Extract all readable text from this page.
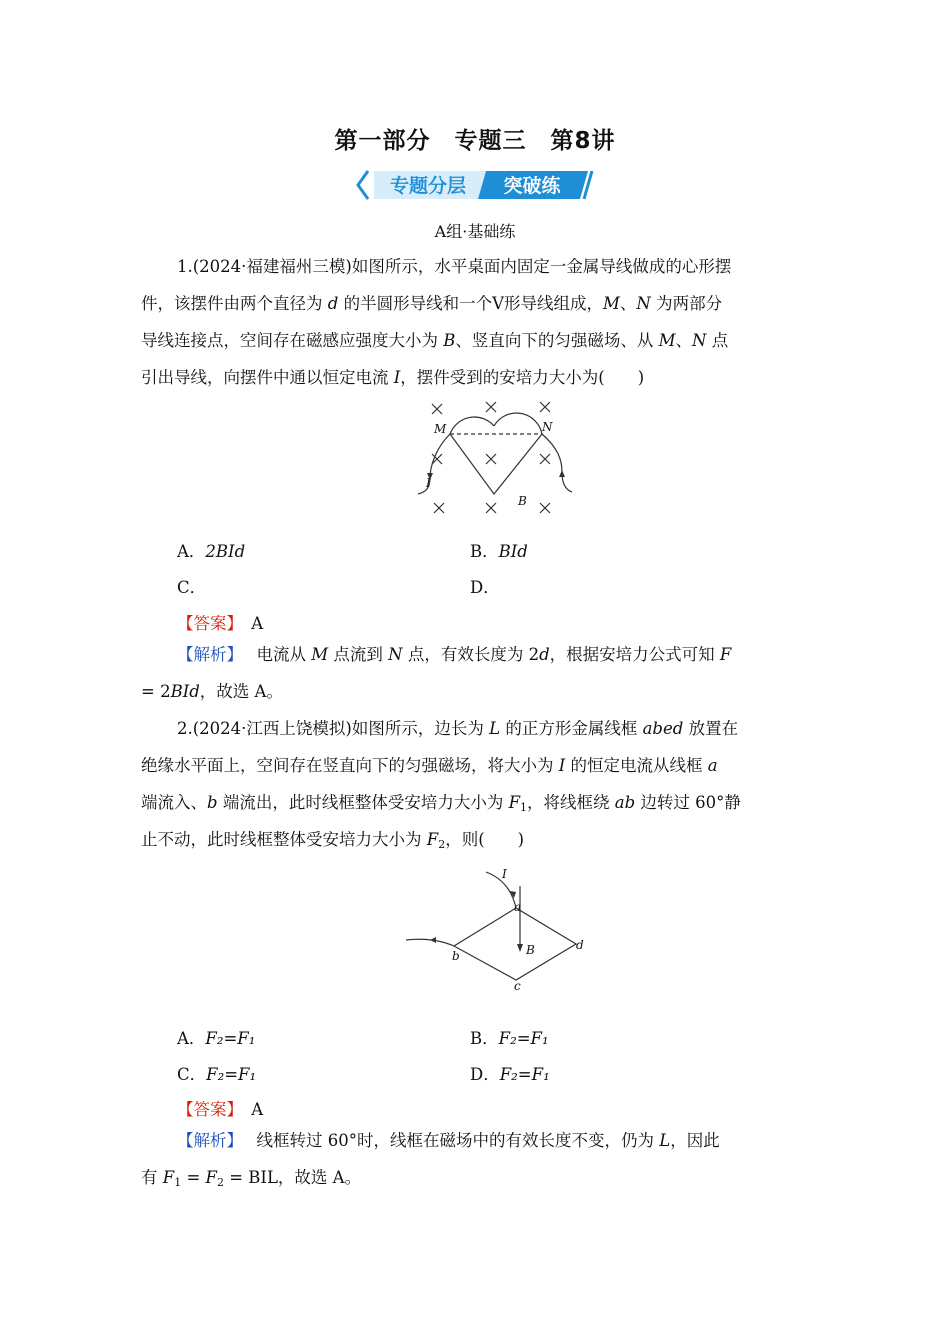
第一部分　专题三　第8讲
专题分层 突破练
A组·基础练
1.(2024·福建福州三模)如图所示，水平桌面内固定一金属导线做成的心形摆
件，该摆件由两个直径为 d 的半圆形导线和一个V形导线组成，M、N 为两部分
导线连接点，空间存在磁感应强度大小为 B、竖直向下的匀强磁场、从 M、N 点
引出导线，向摆件中通以恒定电流 I，摆件受到的安培力大小为(　　)
M	N
I
B
A．2BId	B．BId
C．	D．
【答案】　 A
【解析】　 电流从 M 点流到 N 点，有效长度为 2d，根据安培力公式可知 F
= 2BId，故选 A。
2.(2024·江西上饶模拟)如图所示，边长为 L 的正方形金属线框 abed 放置在
绝缘水平面上，空间存在竖直向下的匀强磁场，将大小为 I 的恒定电流从线框 a
端流入、b 端流出，此时线框整体受安培力大小为 $F_1$，将线框绕 ab 边转过 60°静
止不动，此时线框整体受安培力大小为 $F_2$，则(　　)
I
a
b
c
d
B
A．F₂=F₁	B．F₂=F₁
C．F₂=F₁	D．F₂=F₁
【答案】　 A
【解析】　 线框转过 60°时，线框在磁场中的有效长度不变，仍为 L，因此
有 $F_1 = F_2$ = BIL，故选 A。
